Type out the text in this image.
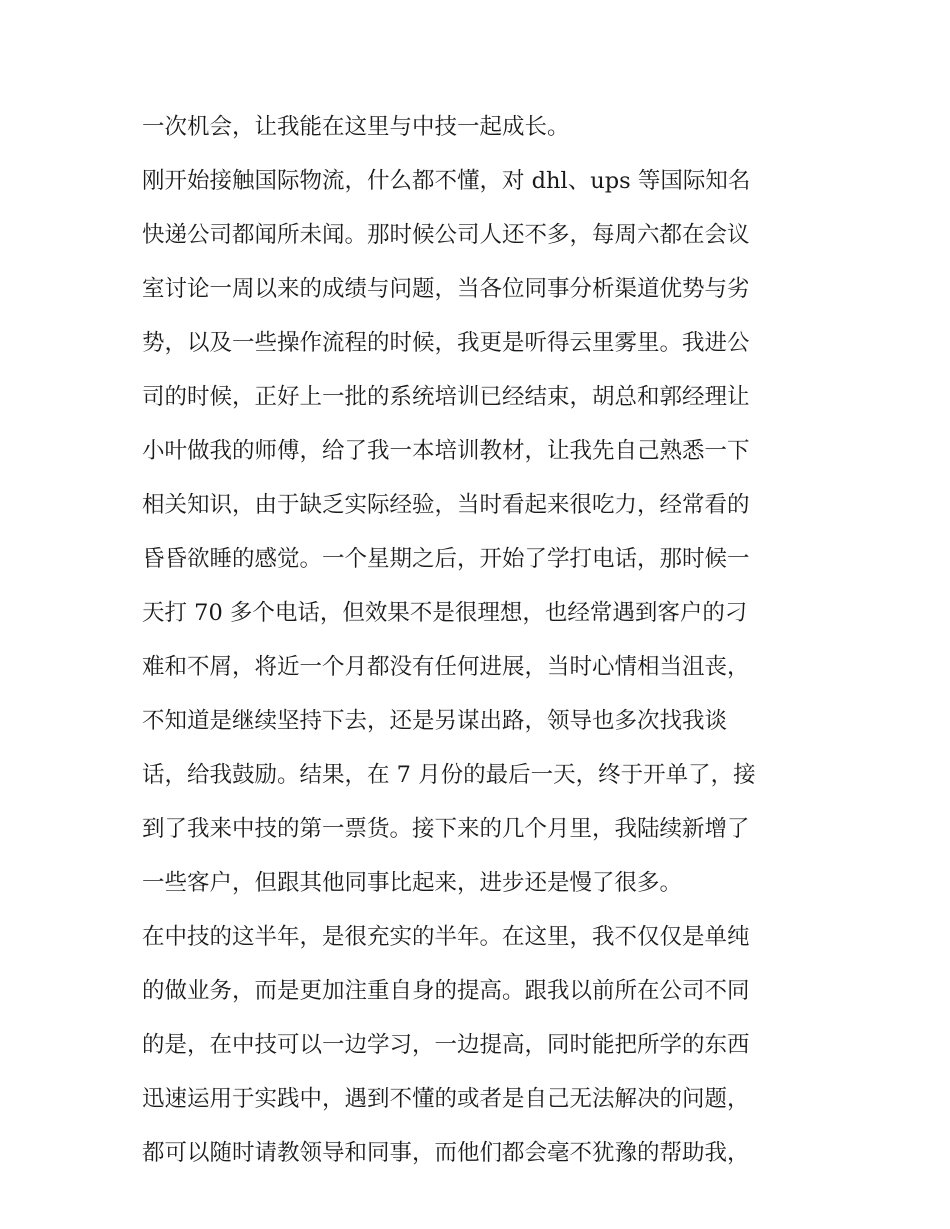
一次机会，让我能在这里与中技一起成长。
刚开始接触国际物流，什么都不懂，对 dhl、ups 等国际知名
快递公司都闻所未闻。那时候公司人还不多，每周六都在会议
室讨论一周以来的成绩与问题，当各位同事分析渠道优势与劣
势，以及一些操作流程的时候，我更是听得云里雾里。我进公
司的时候，正好上一批的系统培训已经结束，胡总和郭经理让
小叶做我的师傅，给了我一本培训教材，让我先自己熟悉一下
相关知识，由于缺乏实际经验，当时看起来很吃力，经常看的
昏昏欲睡的感觉。一个星期之后，开始了学打电话，那时候一
天打 70 多个电话，但效果不是很理想，也经常遇到客户的刁
难和不屑，将近一个月都没有任何进展，当时心情相当沮丧，
不知道是继续坚持下去，还是另谋出路，领导也多次找我谈
话，给我鼓励。结果，在 7 月份的最后一天，终于开单了，接
到了我来中技的第一票货。接下来的几个月里，我陆续新增了
一些客户，但跟其他同事比起来，进步还是慢了很多。
在中技的这半年，是很充实的半年。在这里，我不仅仅是单纯
的做业务，而是更加注重自身的提高。跟我以前所在公司不同
的是，在中技可以一边学习，一边提高，同时能把所学的东西
迅速运用于实践中，遇到不懂的或者是自己无法解决的问题，
都可以随时请教领导和同事，而他们都会毫不犹豫的帮助我，
